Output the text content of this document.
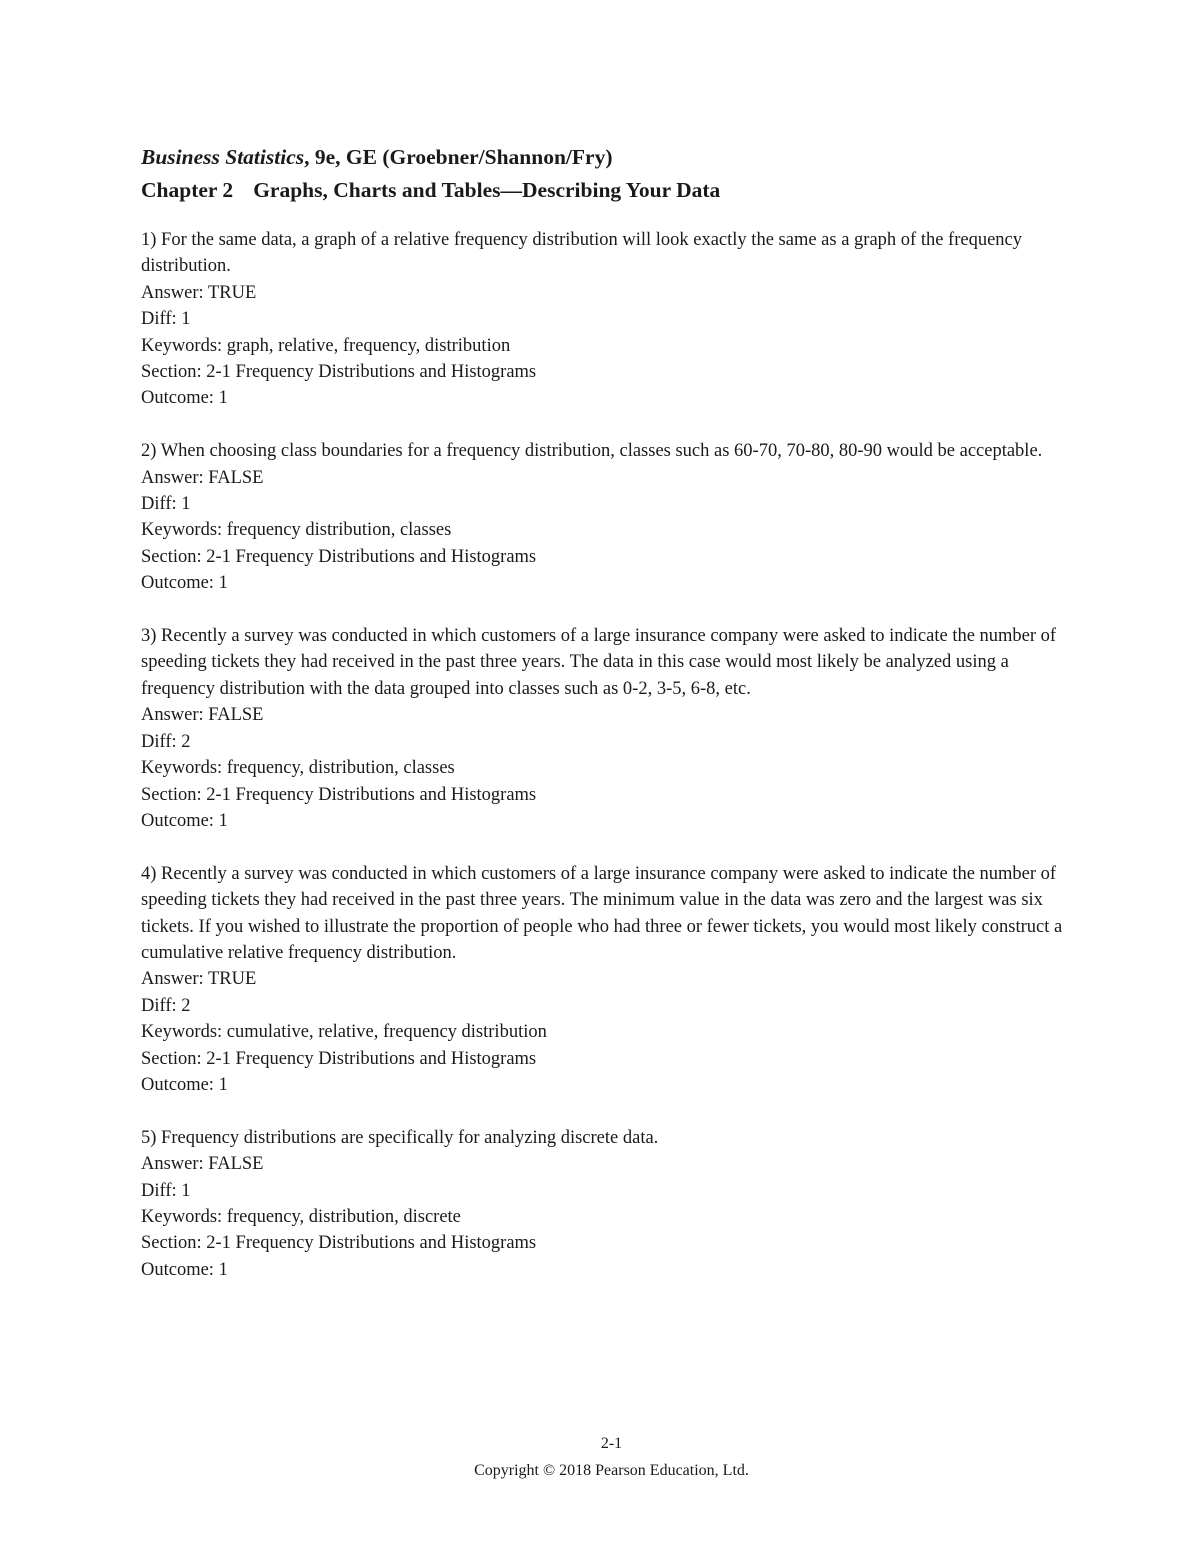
Business Statistics, 9e, GE (Groebner/Shannon/Fry)

Chapter 2 Graphs, Charts and Tables—Describing Your Data

1) For the same data, a graph of a relative frequency distribution will look exactly the same as a graph of the frequency distribution.

Answer: TRUE

Diff: 1

Keywords: graph, relative, frequency, distribution

Section: 2-1 Frequency Distributions and Histograms

Outcome: 1

2) When choosing class boundaries for a frequency distribution, classes such as 60-70, 70-80, 80-90 would be acceptable.

Answer: FALSE

Diff: 1

Keywords: frequency distribution, classes

Section: 2-1 Frequency Distributions and Histograms

Outcome: 1

3) Recently a survey was conducted in which customers of a large insurance company were asked to indicate the number of speeding tickets they had received in the past three years. The data in this case would most likely be analyzed using a frequency distribution with the data grouped into classes such as 0-2, 3-5, 6-8, etc.

Answer: FALSE

Diff: 2

Keywords: frequency, distribution, classes

Section: 2-1 Frequency Distributions and Histograms

Outcome: 1

4) Recently a survey was conducted in which customers of a large insurance company were asked to indicate the number of speeding tickets they had received in the past three years. The minimum value in the data was zero and the largest was six tickets. If you wished to illustrate the proportion of people who had three or fewer tickets, you would most likely construct a cumulative relative frequency distribution.

Answer: TRUE

Diff: 2

Keywords: cumulative, relative, frequency distribution

Section: 2-1 Frequency Distributions and Histograms

Outcome: 1

5) Frequency distributions are specifically for analyzing discrete data.

Answer: FALSE

Diff: 1

Keywords: frequency, distribution, discrete

Section: 2-1 Frequency Distributions and Histograms

Outcome: 1

2-1
Copyright © 2018 Pearson Education, Ltd.
